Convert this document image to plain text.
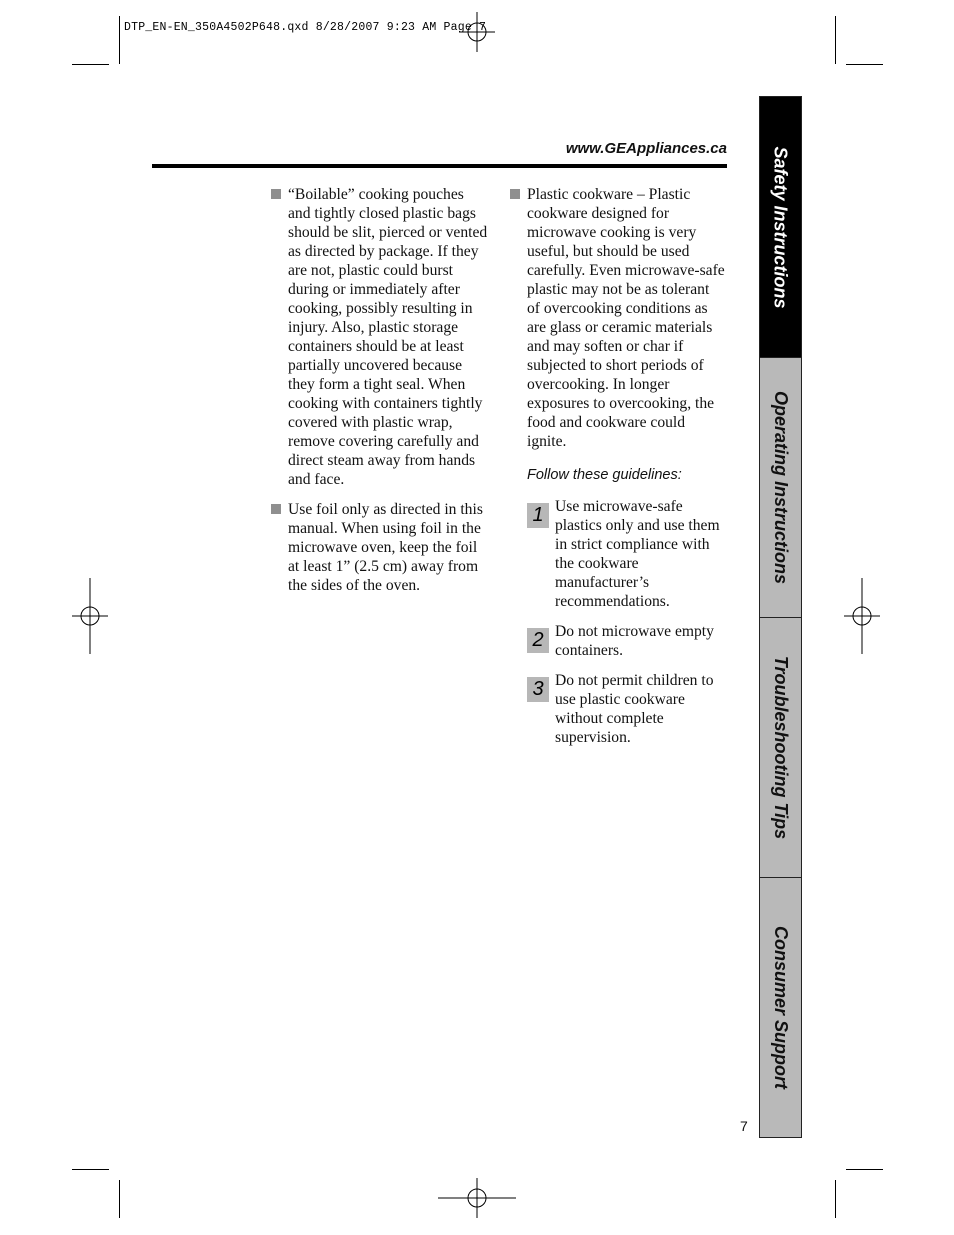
DTP_EN-EN_350A4502P648.qxd 8/28/2007 9:23 AM Page 7
www.GEAppliances.ca
“Boilable” cooking pouches and tightly closed plastic bags should be slit, pierced or vented as directed by package. If they are not, plastic could burst during or immediately after cooking, possibly resulting in injury. Also, plastic storage containers should be at least partially uncovered because they form a tight seal. When cooking with containers tightly covered with plastic wrap, remove covering carefully and direct steam away from hands and face.
Use foil only as directed in this manual. When using foil in the microwave oven, keep the foil at least 1” (2.5 cm) away from the sides of the oven.
Plastic cookware – Plastic cookware designed for microwave cooking is very useful, but should be used carefully. Even microwave-safe plastic may not be as tolerant of overcooking conditions as are glass or ceramic materials and may soften or char if subjected to short periods of overcooking. In longer exposures to overcooking, the food and cookware could ignite.
Follow these guidelines:
1 Use microwave-safe plastics only and use them in strict compliance with the cookware manufacturer’s recommendations.
2 Do not microwave empty containers.
3 Do not permit children to use plastic cookware without complete supervision.
Safety Instructions
Operating Instructions
Troubleshooting Tips
Consumer Support
7
